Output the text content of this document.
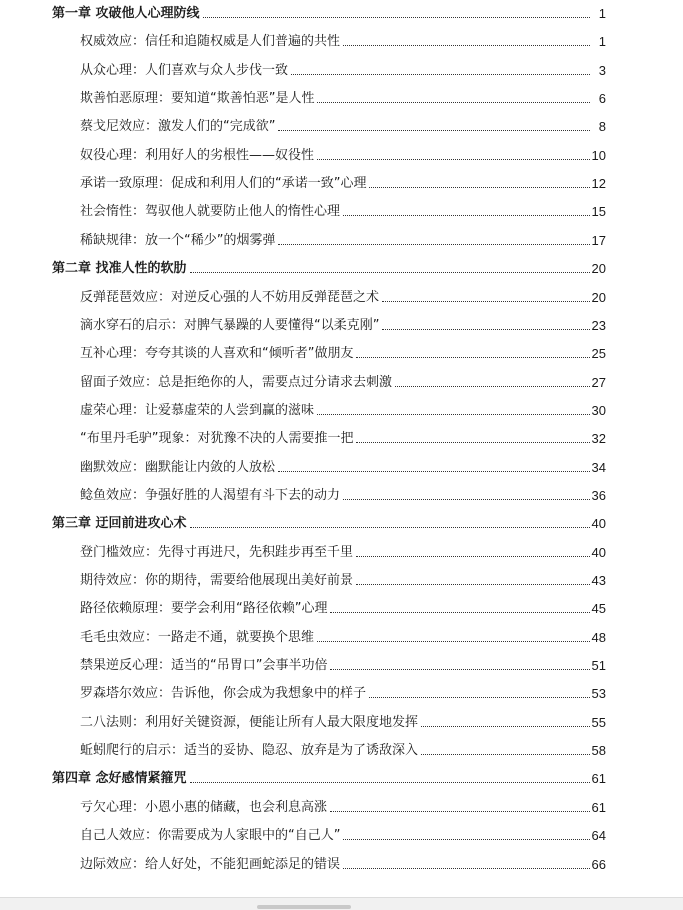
第一章 攻破他人心理防线	1
权威效应：信任和追随权威是人们普遍的共性	1
从众心理：人们喜欢与众人步伐一致	3
欺善怕恶原理：要知道“欺善怕恶”是人性	6
蔡戈尼效应：激发人们的“完成欲”	8
奴役心理：利用好人的劣根性——奴役性	10
承诺一致原理：促成和利用人们的“承诺一致”心理	12
社会惰性：驾驭他人就要防止他人的惰性心理	15
稀缺规律：放一个“稀少”的烟雾弹	17
第二章 找准人性的软肋	20
反弹琵琶效应：对逆反心强的人不妨用反弹琵琶之术	20
滴水穿石的启示：对脾气暴躁的人要懂得“以柔克刚”	23
互补心理：夸夸其谈的人喜欢和“倾听者”做朋友	25
留面子效应：总是拒绝你的人，需要点过分请求去刺激	27
虚荣心理：让爱慕虚荣的人尝到赢的滋味	30
“布里丹毛驴”现象：对犹豫不决的人需要推一把	32
幽默效应：幽默能让内敛的人放松	34
鲶鱼效应：争强好胜的人渴望有斗下去的动力	36
第三章 迂回前进攻心术	40
登门槛效应：先得寸再进尺，先积跬步再至千里	40
期待效应：你的期待，需要给他展现出美好前景	43
路径依赖原理：要学会利用“路径依赖”心理	45
毛毛虫效应：一路走不通，就要换个思维	48
禁果逆反心理：适当的“吊胃口”会事半功倍	51
罗森塔尔效应：告诉他，你会成为我想象中的样子	53
二八法则：利用好关键资源，便能让所有人最大限度地发挥	55
蚯蚓爬行的启示：适当的妥协、隐忍、放弃是为了诱敌深入	58
第四章 念好感情紧箍咒	61
亏欠心理：小恩小惠的储藏，也会利息高涨	61
自己人效应：你需要成为人家眼中的“自己人”	64
边际效应：给人好处，不能犯画蛇添足的错误	66
